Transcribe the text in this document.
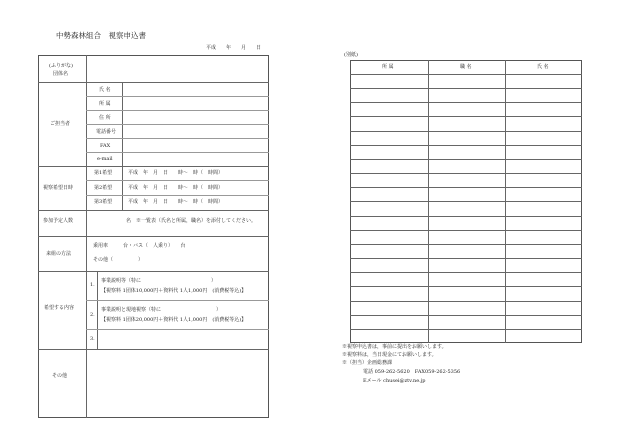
中勢森林組合　視察申込書
平成　　年　　月　　日
(ふりがな)
団体名
ご担当者
氏 名
所 属
住 所
電話番号
FAX
e-mail
視察希望日時
第1希望	平成　年　月　日　　時～　時（　時間）
第2希望	平成　年　月　日　　時～　時（　時間）
第3希望	平成　年　月　日　　時～　時（　時間）
参加予定人数	名　※一覧表（氏名と所属，職名）を添付してください。
来組の方法
乗用車　　　台・バス（　人乗り）　　台
その他（　　　　　）
希望する内容
1.
事業説明等（特に　　　　　　　　　　　　　　）
【視察料 1団体10,000円＋資料代 1人1,000円　(消費税等込)】
2.
事業説明と現地視察（特に　　　　　　　　　　　）
【視察料 1団体20,000円＋資料代 1人1,000円　(消費税等込)】
3.
その他
(別紙)
所 属	職 名	氏 名
※視察申込書は，事前に提出をお願いします。
※視察料は，当日現金にてお願いします。
※（担当）企画総務課
電話 059-262-5620　FAX059-262-5356
Eメール chusei@ztv.ne.jp
